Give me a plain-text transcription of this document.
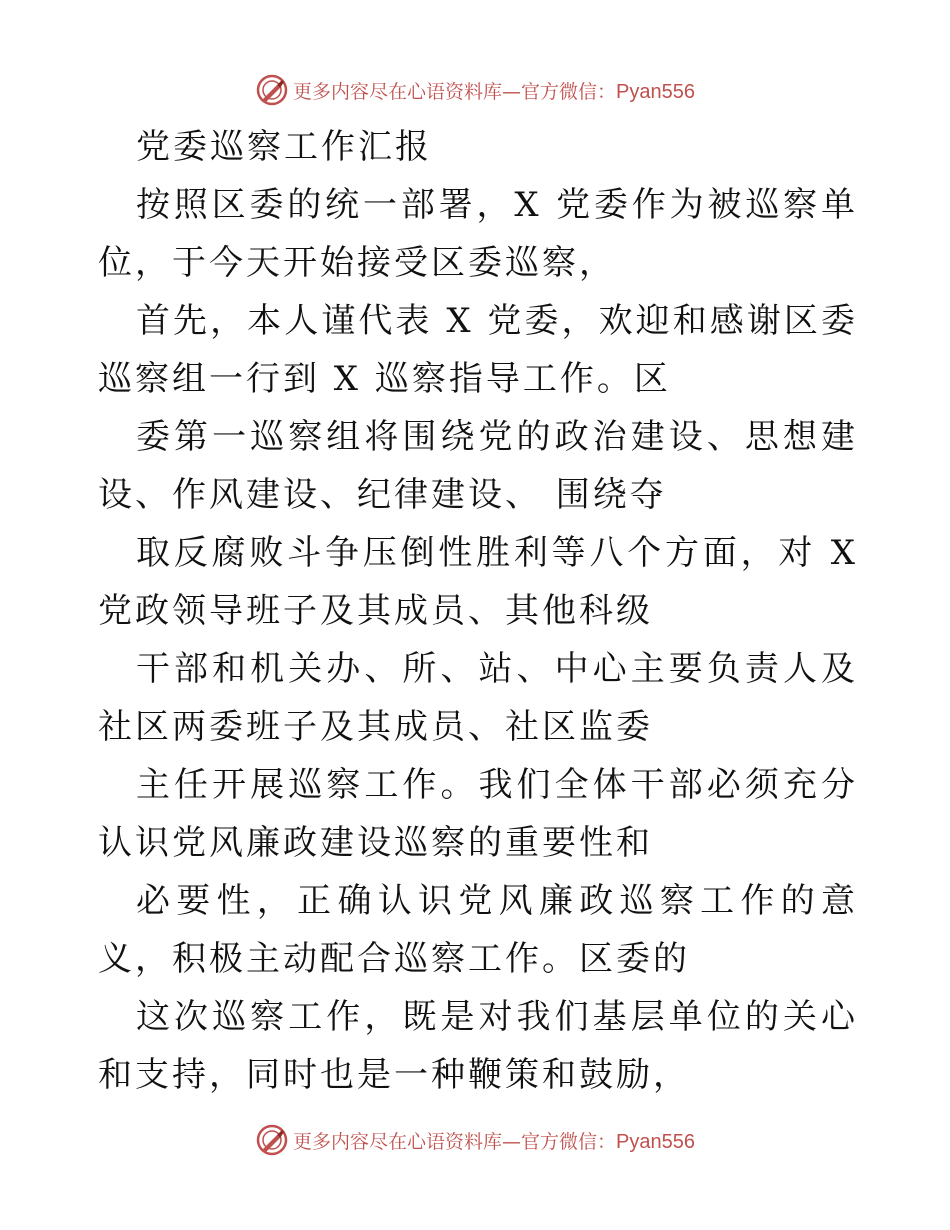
更多内容尽在心语资料库—官方微信：Pyan556

党委巡察工作汇报

按照区委的统一部署，X 党委作为被巡察单位，于今天开始接受区委巡察，

首先，本人谨代表 X 党委，欢迎和感谢区委巡察组一行到 X 巡察指导工作。区

委第一巡察组将围绕党的政治建设、思想建设、作风建设、纪律建设、 围绕夺

取反腐败斗争压倒性胜利等八个方面，对 X 党政领导班子及其成员、其他科级

干部和机关办、所、站、中心主要负责人及社区两委班子及其成员、社区监委

主任开展巡察工作。我们全体干部必须充分认识党风廉政建设巡察的重要性和

必要性，正确认识党风廉政巡察工作的意义，积极主动配合巡察工作。区委的

这次巡察工作，既是对我们基层单位的关心和支持，同时也是一种鞭策和鼓励，

更多内容尽在心语资料库—官方微信：Pyan556
